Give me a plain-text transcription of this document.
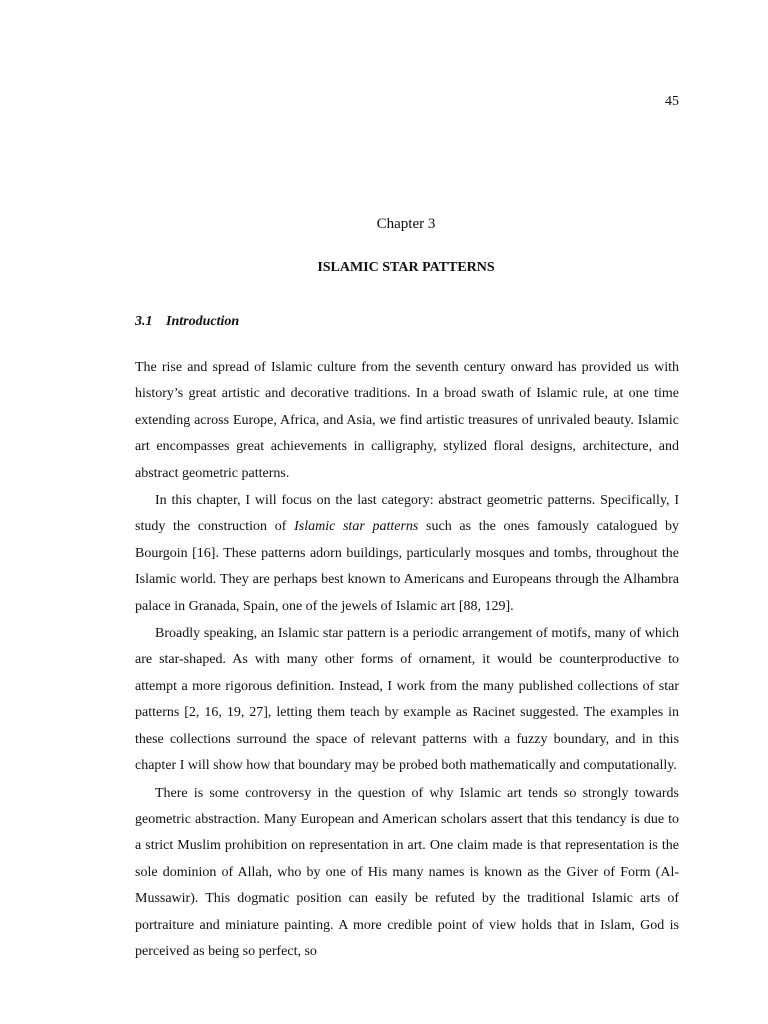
45
Chapter 3
ISLAMIC STAR PATTERNS
3.1 Introduction

The rise and spread of Islamic culture from the seventh century onward has provided us with history’s great artistic and decorative traditions. In a broad swath of Islamic rule, at one time extending across Europe, Africa, and Asia, we find artistic treasures of unrivaled beauty. Islamic art encompasses great achievements in calligraphy, stylized floral designs, architecture, and abstract geometric patterns.

In this chapter, I will focus on the last category: abstract geometric patterns. Specifically, I study the construction of Islamic star patterns such as the ones famously catalogued by Bourgoin [16]. These patterns adorn buildings, particularly mosques and tombs, throughout the Islamic world. They are perhaps best known to Americans and Europeans through the Alhambra palace in Granada, Spain, one of the jewels of Islamic art [88, 129].

Broadly speaking, an Islamic star pattern is a periodic arrangement of motifs, many of which are star-shaped. As with many other forms of ornament, it would be counterproductive to attempt a more rigorous definition. Instead, I work from the many published collections of star patterns [2, 16, 19, 27], letting them teach by example as Racinet suggested. The examples in these collections surround the space of relevant patterns with a fuzzy boundary, and in this chapter I will show how that boundary may be probed both mathematically and computationally.

There is some controversy in the question of why Islamic art tends so strongly towards geometric abstraction. Many European and American scholars assert that this tendancy is due to a strict Muslim prohibition on representation in art. One claim made is that representation is the sole dominion of Allah, who by one of His many names is known as the Giver of Form (Al-Mussawir). This dogmatic position can easily be refuted by the traditional Islamic arts of portraiture and miniature painting. A more credible point of view holds that in Islam, God is perceived as being so perfect, so
